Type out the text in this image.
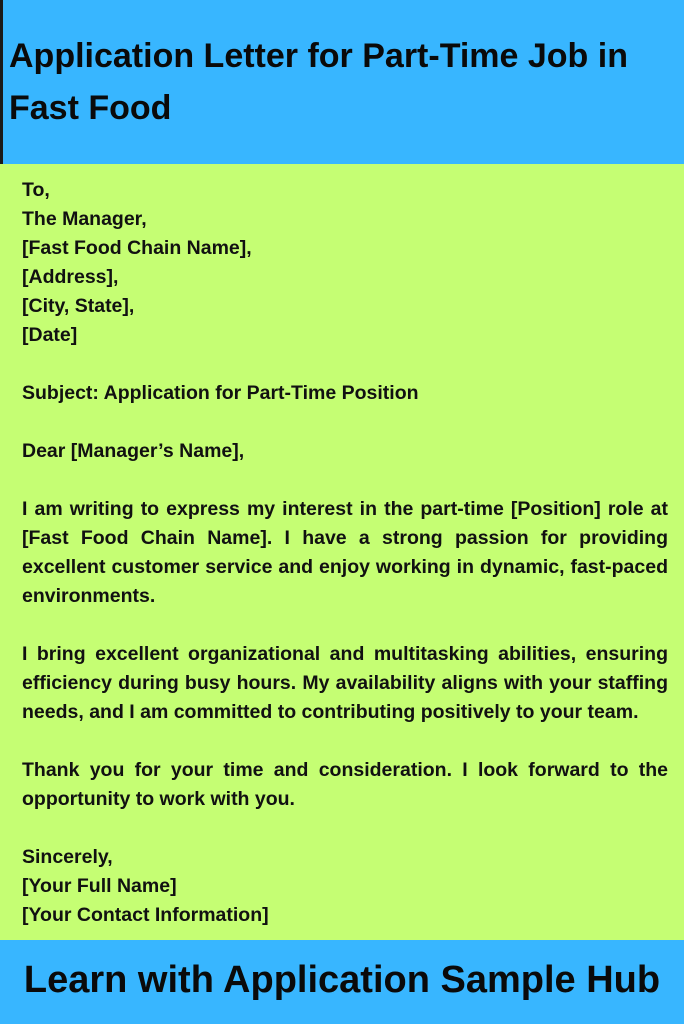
Application Letter for Part-Time Job in Fast Food
To,
The Manager,
[Fast Food Chain Name],
[Address],
[City, State],
[Date]
Subject: Application for Part-Time Position
Dear [Manager’s Name],

I am writing to express my interest in the part-time [Position] role at [Fast Food Chain Name]. I have a strong passion for providing excellent customer service and enjoy working in dynamic, fast-paced environments.

I bring excellent organizational and multitasking abilities, ensuring efficiency during busy hours. My availability aligns with your staffing needs, and I am committed to contributing positively to your team.

Thank you for your time and consideration. I look forward to the opportunity to work with you.

Sincerely,
[Your Full Name]
[Your Contact Information]
Learn with Application Sample Hub
